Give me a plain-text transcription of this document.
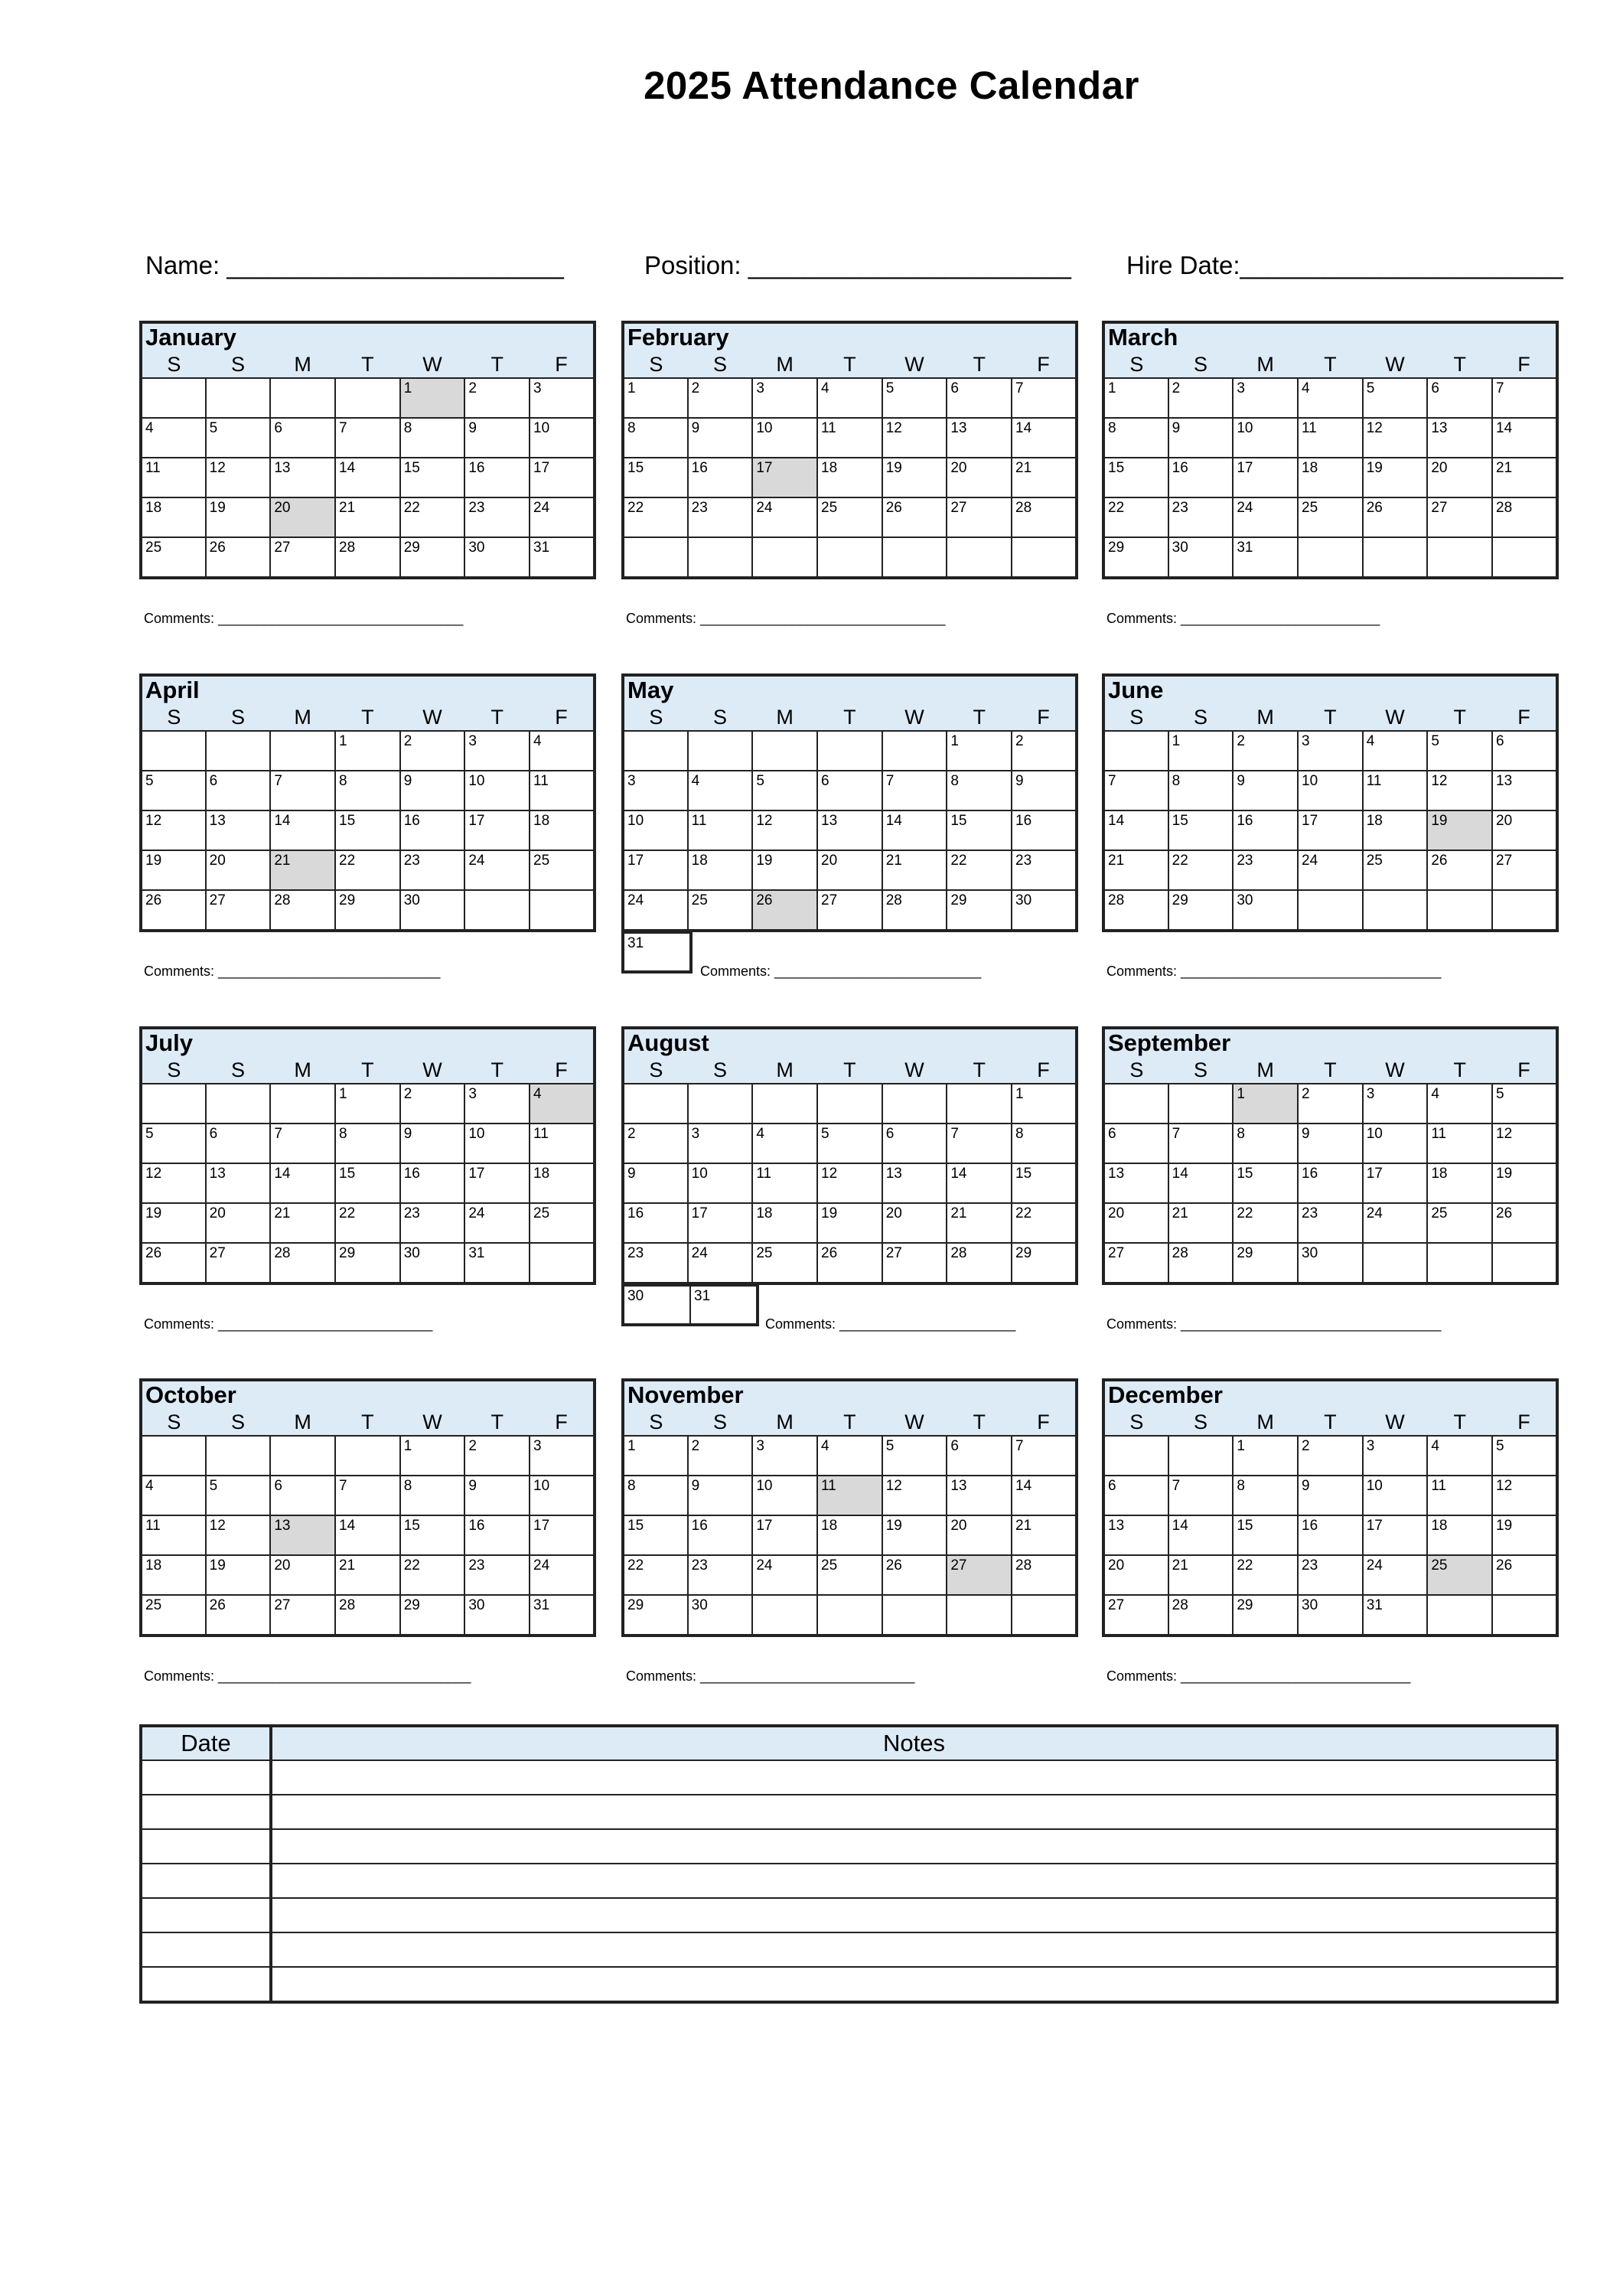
2025 Attendance Calendar
Name: ________________________	Position: _______________________ Hire Date:_______________________
January						
S	S	M	T	W	T	F

				1	2	3

4	5	6	7	8	9	10

11	12	13	14	15	16	17

18	19	20	21	22	23	24

25	26	27	28	29	30	31
Comments: ________________________________
February						
S	S	M	T	W	T	F

1	2	3	4	5	6	7

8	9	10	11	12	13	14

15	16	17	18	19	20	21

22	23	24	25	26	27	28

Comments: ________________________________
March						
S	S	M	T	W	T	F

1	2	3	4	5	6	7

8	9	10	11	12	13	14

15	16	17	18	19	20	21

22	23	24	25	26	27	28

29	30	31				

Comments: __________________________
April						
S	S	M	T	W	T	F

			1	2	3	4

5	6	7	8	9	10	11

12	13	14	15	16	17	18

19	20	21	22	23	24	25

26	27	28	29	30		

Comments: _____________________________
May						
S	S	M	T	W	T	F

					1	2

3	4	5	6	7	8	9

10	11	12	13	14	15	16

17	18	19	20	21	22	23

24	25	26	27	28	29	30
31
Comments: ___________________________
June						
S	S	M	T	W	T	F

	1	2	3	4	5	6

7	8	9	10	11	12	13

14	15	16	17	18	19	20

21	22	23	24	25	26	27

28	29	30				

Comments: __________________________________
July						
S	S	M	T	W	T	F

			1	2	3	4

5	6	7	8	9	10	11

12	13	14	15	16	17	18

19	20	21	22	23	24	25

26	27	28	29	30	31	

Comments: ____________________________
August						
S	S	M	T	W	T	F

						1

2	3	4	5	6	7	8

9	10	11	12	13	14	15

16	17	18	19	20	21	22

23	24	25	26	27	28	29
30	31
Comments: _______________________
September						
S	S	M	T	W	T	F

		1	2	3	4	5

6	7	8	9	10	11	12

13	14	15	16	17	18	19

20	21	22	23	24	25	26

27	28	29	30			

Comments: __________________________________
October						
S	S	M	T	W	T	F

				1	2	3

4	5	6	7	8	9	10

11	12	13	14	15	16	17

18	19	20	21	22	23	24

25	26	27	28	29	30	31
Comments: _________________________________
November						
S	S	M	T	W	T	F

1	2	3	4	5	6	7

8	9	10	11	12	13	14

15	16	17	18	19	20	21

22	23	24	25	26	27	28

29	30					

Comments: ____________________________
December						
S	S	M	T	W	T	F

		1	2	3	4	5

6	7	8	9	10	11	12

13	14	15	16	17	18	19

20	21	22	23	24	25	26

27	28	29	30	31		

Comments: ______________________________
Date	Notes
